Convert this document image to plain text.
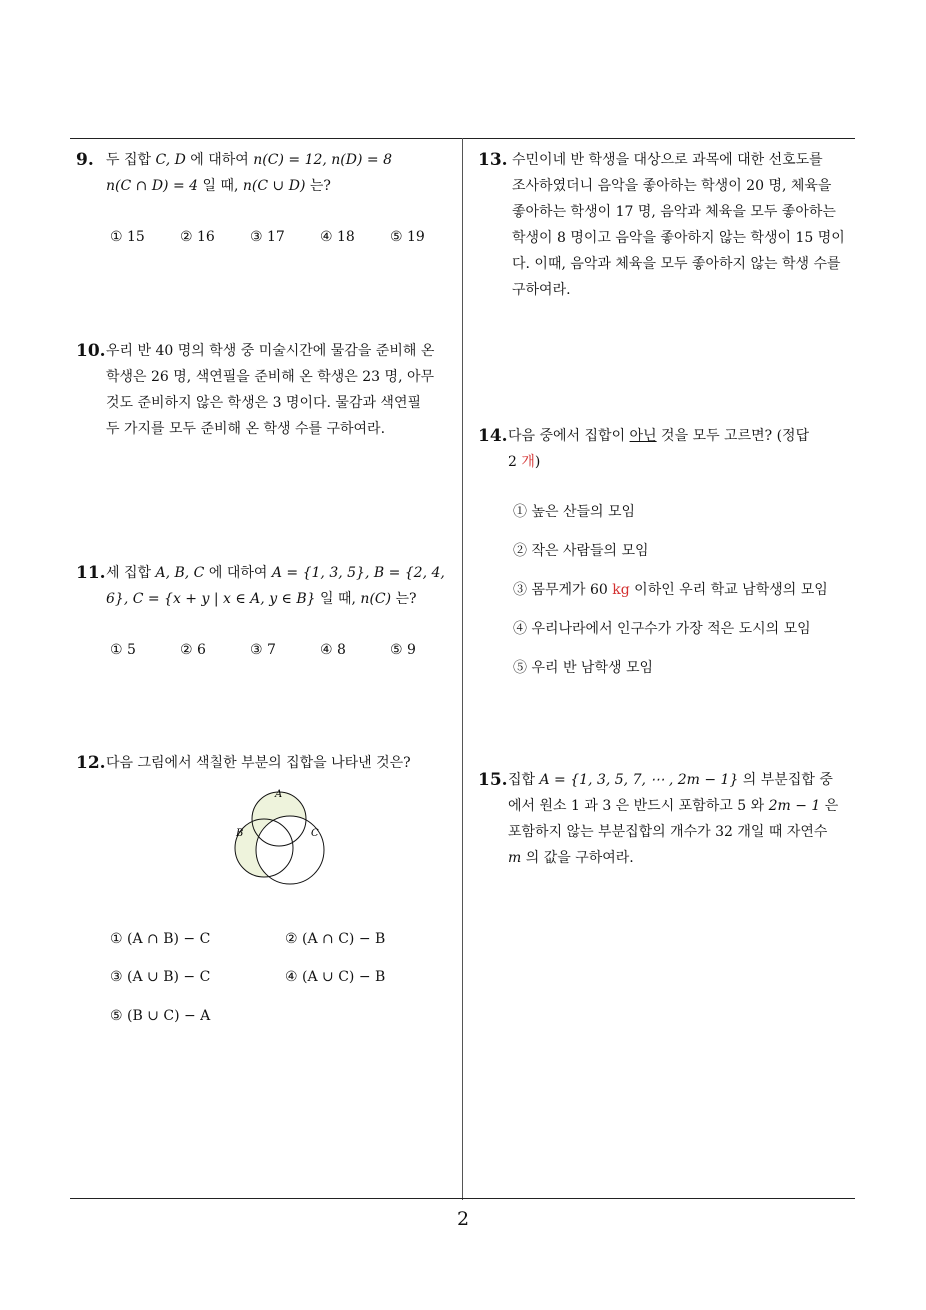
9. 두 집합 C, D 에 대하여 n(C) = 12, n(D) = 8
n(C ∩ D) = 4 일 때, n(C ∪ D) 는?
① 15	② 16	③ 17	④ 18	⑤ 19
10. 우리 반 40 명의 학생 중 미술시간에 물감을 준비해 온
학생은 26 명, 색연필을 준비해 온 학생은 23 명, 아무
것도 준비하지 않은 학생은 3 명이다. 물감과 색연필
두 가지를 모두 준비해 온 학생 수를 구하여라.
11. 세 집합 A, B, C 에 대하여 A = {1, 3, 5}, B = {2, 4,
6}, C = {x + y | x ∈ A, y ∈ B} 일 때, n(C) 는?
① 5	② 6	③ 7	④ 8	⑤ 9
12. 다음 그림에서 색칠한 부분의 집합을 나타낸 것은?
A
B	C
① (A ∩ B) − C	② (A ∩ C) − B
③ (A ∪ B) − C	④ (A ∪ C) − B
⑤ (B ∪ C) − A
13. 수민이네 반 학생을 대상으로 과목에 대한 선호도를
조사하였더니 음악을 좋아하는 학생이 20 명, 체육을
좋아하는 학생이 17 명, 음악과 체육을 모두 좋아하는
학생이 8 명이고 음악을 좋아하지 않는 학생이 15 명이
다. 이때, 음악과 체육을 모두 좋아하지 않는 학생 수를
구하여라.
14. 다음 중에서 집합이 아닌 것을 모두 고르면? (정답
2 개)
① 높은 산들의 모임
② 작은 사람들의 모임
③ 몸무게가 60 kg 이하인 우리 학교 남학생의 모임
④ 우리나라에서 인구수가 가장 적은 도시의 모임
⑤ 우리 반 남학생 모임
15. 집합 A = {1, 3, 5, 7, ⋯ , 2m − 1} 의 부분집합 중
에서 원소 1 과 3 은 반드시 포함하고 5 와 2m − 1 은
포함하지 않는 부분집합의 개수가 32 개일 때 자연수
m 의 값을 구하여라.
2
